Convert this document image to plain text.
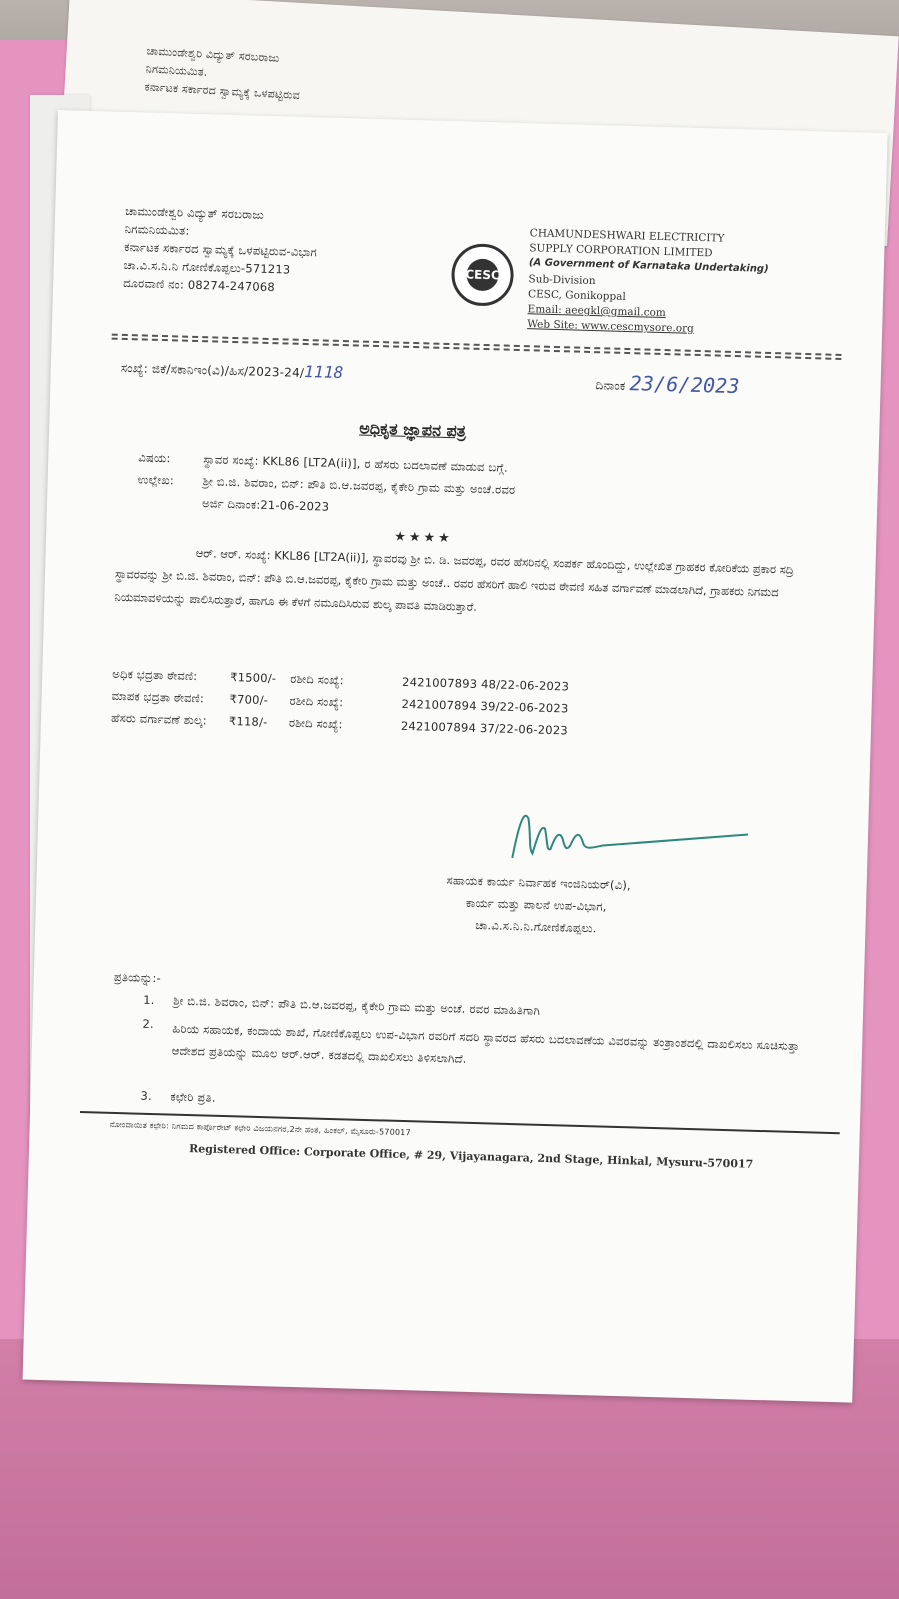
ಚಾಮುಂಡೇಶ್ವರಿ ವಿದ್ಯುತ್ ಸರಬರಾಜು
ನಿಗಮನಿಯಮಿತ.
ಕರ್ನಾಟಕ ಸರ್ಕಾರದ ಸ್ವಾಮ್ಯಕ್ಕೆ ಒಳಪಟ್ಟಿರುವ
ಚಾಮುಂಡೇಶ್ವರಿ ವಿದ್ಯುತ್ ಸರಬರಾಜು
ನಿಗಮನಿಯಮಿತ:
ಕರ್ನಾಟಕ ಸರ್ಕಾರದ ಸ್ವಾಮ್ಯಕ್ಕೆ ಒಳಪಟ್ಟಿರುವ-ವಿಭಾಗ
ಚಾ.ವಿ.ಸ.ನಿ.ನಿ ಗೋಣಿಕೊಪ್ಪಲು-571213
ದೂರವಾಣಿ ನಂ: 08274-247068
CESC
CHAMUNDESHWARI ELECTRICITY
SUPPLY CORPORATION LIMITED
(A Government of Karnataka Undertaking)
Sub-Division
CESC, Gonikoppal
Email: aeegkl@gmail.com
Web Site: www.cescmysore.org
ಸಂಖ್ಯೆ: ಜಿಕೆ/ಸಕಾನಿಇಂ(ವಿ)/ಹಿಸ/2023-24/1118
ದಿನಾಂಕ 23/6/2023
ಅಧಿಕೃತ ಜ್ಞಾಪನ ಪತ್ರ
ವಿಷಯ:	ಸ್ಥಾವರ ಸಂಖ್ಯೆ: KKL86 [LT2A(ii)], ರ ಹೆಸರು ಬದಲಾವಣೆ ಮಾಡುವ ಬಗ್ಗೆ.
ಉಲ್ಲೇಖ: ಶ್ರೀ ಬಿ.ಜಿ. ಶಿವರಾಂ, ಬಿನ್: ಪೌತಿ ಬಿ.ಆ.ಜವರಪ್ಪ, ಕೈಕೇರಿ ಗ್ರಾಮ ಮತ್ತು ಅಂಚೆ.ರವರ
ಅರ್ಜಿ ದಿನಾಂಕ:21-06-2023
★★★★
ಆರ್. ಆರ್. ಸಂಖ್ಯೆ: KKL86 [LT2A(ii)], ಸ್ಥಾವರವು ಶ್ರೀ ಬಿ. ಡಿ. ಜವರಪ್ಪ, ರವರ ಹೆಸರಿನಲ್ಲಿ ಸಂಪರ್ಕ ಹೊಂದಿದ್ದು, ಉಲ್ಲೇಖಿತ ಗ್ರಾಹಕರ ಕೋರಿಕೆಯ ಪ್ರಕಾರ ಸದ್ರಿ ಸ್ಥಾವರವನ್ನು ಶ್ರೀ ಬಿ.ಜಿ. ಶಿವರಾಂ, ಬಿನ್: ಪೌತಿ ಬಿ.ಆ.ಜವರಪ್ಪ, ಕೈಕೇರಿ ಗ್ರಾಮ ಮತ್ತು ಅಂಚೆ.. ರವರ ಹೆಸರಿಗೆ ಹಾಲಿ ಇರುವ ಠೇವಣಿ ಸಹಿತ ವರ್ಗಾವಣೆ ಮಾಡಲಾಗಿದೆ, ಗ್ರಾಹಕರು ನಿಗಮದ ನಿಯಮಾವಳಿಯನ್ನು ಪಾಲಿಸಿರುತ್ತಾರೆ, ಹಾಗೂ ಈ ಕೆಳಗೆ ನಮೂದಿಸಿರುವ ಶುಲ್ಕ ಪಾವತಿ ಮಾಡಿರುತ್ತಾರೆ.
ಅಧಿಕ ಭದ್ರತಾ ಠೇವಣಿ:	₹1500/- ರಶೀದಿ ಸಂಖ್ಯೆ:	2421007893 48/22-06-2023
ಮಾಪಕ ಭದ್ರತಾ ಠೇವಣಿ: ₹700/- ರಶೀದಿ ಸಂಖ್ಯೆ:	2421007894 39/22-06-2023
ಹೆಸರು ವರ್ಗಾವಣೆ ಶುಲ್ಕ: ₹118/- ರಶೀದಿ ಸಂಖ್ಯೆ:	2421007894 37/22-06-2023
ಸಹಾಯಕ ಕಾರ್ಯ ನಿರ್ವಾಹಕ ಇಂಜಿನಿಯರ್(ವಿ),
ಕಾರ್ಯ ಮತ್ತು ಪಾಲನೆ ಉಪ-ವಿಭಾಗ,
ಚಾ.ವಿ.ಸ.ನಿ.ನಿ.ಗೋಣಿಕೊಪ್ಪಲು.
ಪ್ರತಿಯನ್ನು:-
1. ಶ್ರೀ ಬಿ.ಜಿ. ಶಿವರಾಂ, ಬಿನ್: ಪೌತಿ ಬಿ.ಆ.ಜವರಪ್ಪ, ಕೈಕೇರಿ ಗ್ರಾಮ ಮತ್ತು ಅಂಚೆ. ರವರ ಮಾಹಿತಿಗಾಗಿ
2. ಹಿರಿಯ ಸಹಾಯಕ, ಕಂದಾಯ ಶಾಖೆ, ಗೋಣಿಕೊಪ್ಪಲು ಉಪ-ವಿಭಾಗ ರವರಿಗೆ ಸದರಿ ಸ್ಥಾವರದ ಹೆಸರು ಬದಲಾವಣೆಯ ವಿವರವನ್ನು ತಂತ್ರಾಂಶದಲ್ಲಿ ದಾಖಲಿಸಲು ಸೂಚಿಸುತ್ತಾ ಆದೇಶದ ಪ್ರತಿಯನ್ನು ಮೂಲ ಆರ್.ಆರ್. ಕಡತದಲ್ಲಿ ದಾಖಲಿಸಲು ತಿಳಿಸಲಾಗಿದೆ.
3. ಕಛೇರಿ ಪ್ರತಿ.
ನೋಂದಾಯಿತ ಕಛೇರಿ: ನಿಗಮದ ಕಾರ್ಪೊರೇಟ್ ಕಛೇರಿ ವಿಜಯನಗರ,2ನೇ ಹಂತ, ಹಿಂಕಲ್, ಮೈಸೂರು-570017
Registered Office: Corporate Office, # 29, Vijayanagara, 2nd Stage, Hinkal, Mysuru-570017
